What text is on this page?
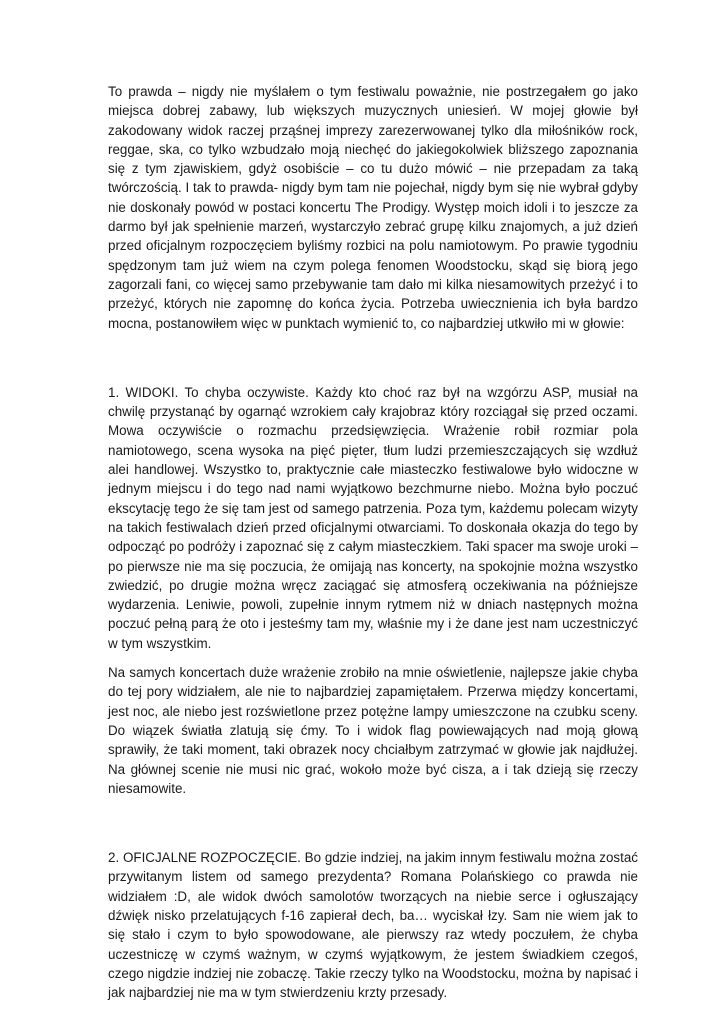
To prawda – nigdy nie myślałem o tym festiwalu poważnie, nie postrzegałem go jako miejsca dobrej zabawy, lub większych muzycznych uniesień. W mojej głowie był zakodowany widok raczej prząśnej imprezy zarezerwowanej tylko dla miłośników rock, reggae, ska, co tylko wzbudzało moją niechęć do jakiegokolwiek bliższego zapoznania się z tym zjawiskiem, gdyż osobiście – co tu dużo mówić – nie przepadam za taką twórczością. I tak to prawda- nigdy bym tam nie pojechał, nigdy bym się nie wybrał gdyby nie doskonały powód w postaci koncertu The Prodigy. Występ moich idoli i to jeszcze za darmo był jak spełnienie marzeń, wystarczyło zebrać grupę kilku znajomych, a już dzień przed oficjalnym rozpoczęciem byliśmy rozbici na polu namiotowym. Po prawie tygodniu spędzonym tam już wiem na czym polega fenomen Woodstocku, skąd się biorą jego zagorzali fani, co więcej samo przebywanie tam dało mi kilka niesamowitych przeżyć i to przeżyć, których nie zapomnę do końca życia. Potrzeba uwiecznienia ich była bardzo mocna, postanowiłem więc w punktach wymienić to, co najbardziej utkwiło mi w głowie:

1. WIDOKI. To chyba oczywiste. Każdy kto choć raz był na wzgórzu ASP, musiał na chwilę przystanąć by ogarnąć wzrokiem cały krajobraz który rozciągał się przed oczami. Mowa oczywiście o rozmachu przedsięwzięcia. Wrażenie robił rozmiar pola namiotowego, scena wysoka na pięć pięter, tłum ludzi przemieszczających się wzdłuż alei handlowej. Wszystko to, praktycznie całe miasteczko festiwalowe było widoczne w jednym miejscu i do tego nad nami wyjątkowo bezchmurne niebo. Można było poczuć ekscytację tego że się tam jest od samego patrzenia. Poza tym, każdemu polecam wizyty na takich festiwalach dzień przed oficjalnymi otwarciami. To doskonała okazja do tego by odpocząć po podróży i zapoznać się z całym miasteczkiem. Taki spacer ma swoje uroki – po pierwsze nie ma się poczucia, że omijają nas koncerty, na spokojnie można wszystko zwiedzić, po drugie można wręcz zaciągać się atmosferą oczekiwania na późniejsze wydarzenia. Leniwie, powoli, zupełnie innym rytmem niż w dniach następnych można poczuć pełną parą że oto i jesteśmy tam my, właśnie my i że dane jest nam uczestniczyć w tym wszystkim.

Na samych koncertach duże wrażenie zrobiło na mnie oświetlenie, najlepsze jakie chyba do tej pory widziałem, ale nie to najbardziej zapamiętałem. Przerwa między koncertami, jest noc, ale niebo jest rozświetlone przez potężne lampy umieszczone na czubku sceny. Do wiązek światła zlatują się ćmy. To i widok flag powiewających nad moją głową sprawiły, że taki moment, taki obrazek nocy chciałbym zatrzymać w głowie jak najdłużej. Na głównej scenie nie musi nic grać, wokoło może być cisza, a i tak dzieją się rzeczy niesamowite.

2. OFICJALNE ROZPOCZĘCIE. Bo gdzie indziej, na jakim innym festiwalu można zostać przywitanym listem od samego prezydenta? Romana Polańskiego co prawda nie widziałem :D, ale widok dwóch samolotów tworzących na niebie serce i ogłuszający dźwięk nisko przelatujących f-16 zapierał dech, ba… wyciskał łzy. Sam nie wiem jak to się stało i czym to było spowodowane, ale pierwszy raz wtedy poczułem, że chyba uczestniczę w czymś ważnym, w czymś wyjątkowym, że jestem świadkiem czegoś, czego nigdzie indziej nie zobaczę. Takie rzeczy tylko na Woodstocku, można by napisać i jak najbardziej nie ma w tym stwierdzeniu krzty przesady.
